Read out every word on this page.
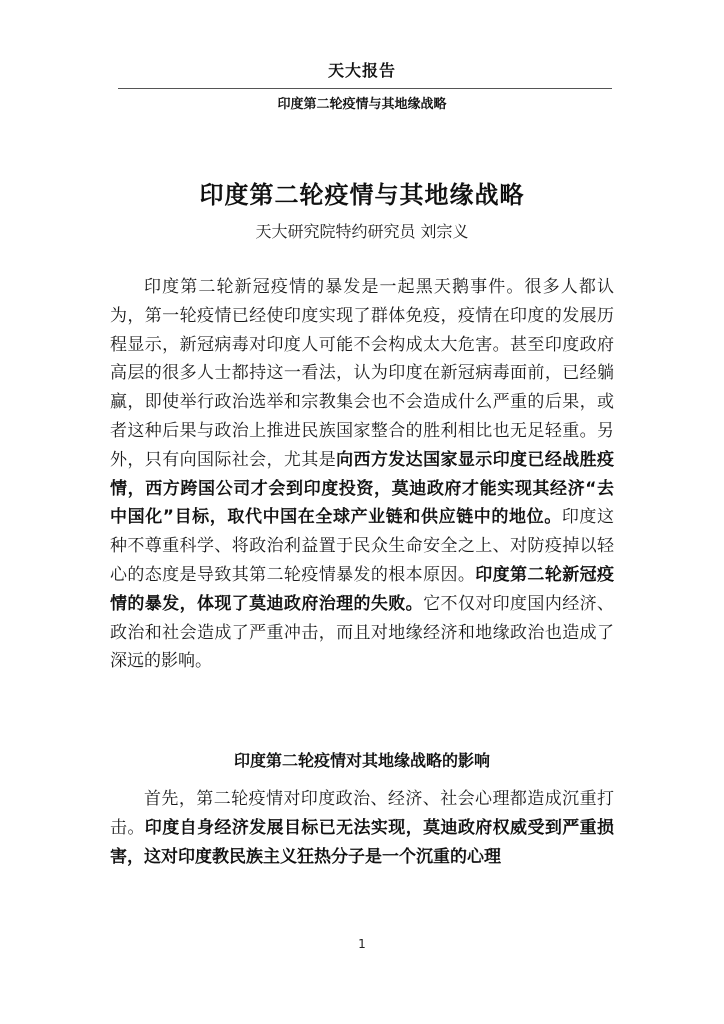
天大报告
印度第二轮疫情与其地缘战略
印度第二轮疫情与其地缘战略
天大研究院特约研究员 刘宗义

印度第二轮新冠疫情的暴发是一起黑天鹅事件。很多人都认为，第一轮疫情已经使印度实现了群体免疫，疫情在印度的发展历程显示，新冠病毒对印度人可能不会构成太大危害。甚至印度政府高层的很多人士都持这一看法，认为印度在新冠病毒面前，已经躺赢，即使举行政治选举和宗教集会也不会造成什么严重的后果，或者这种后果与政治上推进民族国家整合的胜利相比也无足轻重。另外，只有向国际社会，尤其是向西方发达国家显示印度已经战胜疫情，西方跨国公司才会到印度投资，莫迪政府才能实现其经济“去中国化”目标，取代中国在全球产业链和供应链中的地位。印度这种不尊重科学、将政治利益置于民众生命安全之上、对防疫掉以轻心的态度是导致其第二轮疫情暴发的根本原因。印度第二轮新冠疫情的暴发，体现了莫迪政府治理的失败。它不仅对印度国内经济、政治和社会造成了严重冲击，而且对地缘经济和地缘政治也造成了深远的影响。

印度第二轮疫情对其地缘战略的影响

首先，第二轮疫情对印度政治、经济、社会心理都造成沉重打击。印度自身经济发展目标已无法实现，莫迪政府权威受到严重损害，这对印度教民族主义狂热分子是一个沉重的心理

1
